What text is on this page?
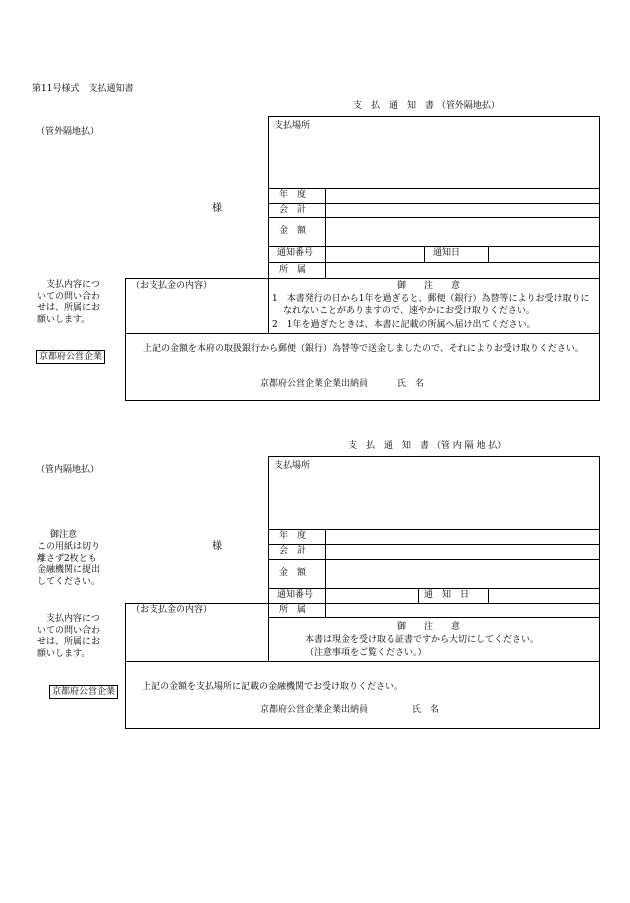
第11号様式　支払通知書
支　払　通　知　書 （管外隔地払）
（管外隔地払）
様
支払場所
年　度
会　計
金　額
通知番号	通知日
所　属
支払内容についての問い合わせは、所属にお願いします。
京都府公営企業
（お支払金の内容）	御　　注　　意
1　本書発行の日から1年を過ぎると、郵便（銀行）為替等によりお受け取りになれないことがありますので、速やかにお受け取りください。
2　1年を過ぎたときは、本書に記載の所属へ届け出てください。
上記の金額を本府の取扱銀行から郵便（銀行）為替等で送金しましたので、それによりお受け取りください。
京都府公営企業企業出納員	氏　名
支　払　通　知　書 （管 内 隔 地 払）
（管内隔地払）
様
支払場所
年　度
会　計
金　額
通知番号	通　知　日
所　属
御注意
この用紙は切り離さず2枚とも金融機関に提出してください。
支払内容についての問い合わせは、所属にお願いします。
京都府公営企業
（お支払金の内容）
御　　注　　意
本書は現金を受け取る証書ですから大切にしてください。
（注意事項をご覧ください。）
上記の金額を支払場所に記載の金融機関でお受け取りください。
京都府公営企業企業出納員	氏　名
